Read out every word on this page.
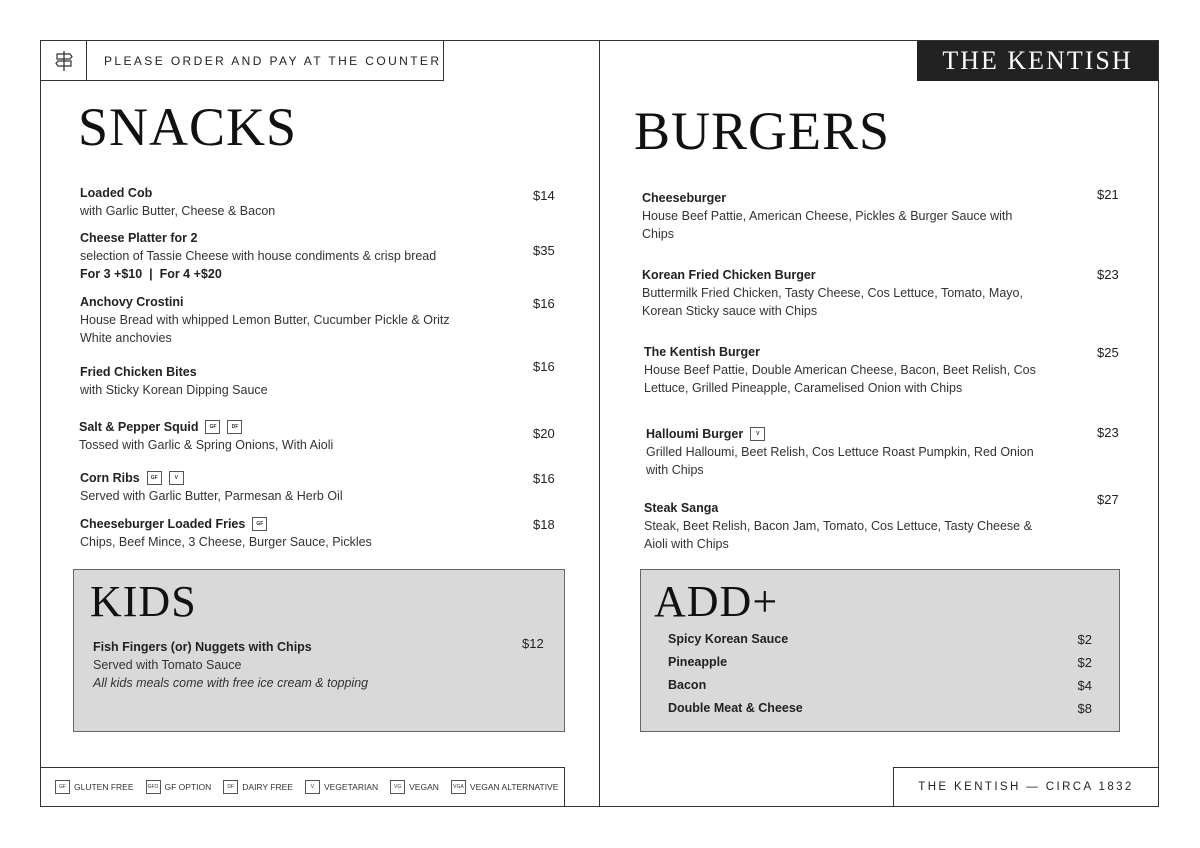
PLEASE ORDER AND PAY AT THE COUNTER	THE KENTISH
SNACKS
Loaded Cob
with Garlic Butter, Cheese & Bacon
$14
Cheese Platter for 2
selection of Tassie Cheese with house condiments & crisp bread
For 3 +$10  |  For 4 +$20
$35
Anchovy Crostini
House Bread with whipped Lemon Butter, Cucumber Pickle & Oritz
White anchovies
$16
Fried Chicken Bites
with Sticky Korean Dipping Sauce
$16
Salt & Pepper Squid	GF	DF
Tossed with Garlic & Spring Onions, With Aioli
$20
Corn Ribs	GF	V
Served with Garlic Butter, Parmesan & Herb Oil
$16
Cheeseburger Loaded Fries	GF
Chips, Beef Mince, 3 Cheese, Burger Sauce, Pickles
$18
KIDS
Fish Fingers (or) Nuggets with Chips
Served with Tomato Sauce
All kids meals come with free ice cream & topping
$12
BURGERS
Cheeseburger
House Beef Pattie, American Cheese, Pickles & Burger Sauce with
Chips
$21
Korean Fried Chicken Burger
Buttermilk Fried Chicken, Tasty Cheese, Cos Lettuce, Tomato, Mayo,
Korean Sticky sauce with Chips
$23
The Kentish Burger
House Beef Pattie, Double American Cheese, Bacon, Beet Relish, Cos
Lettuce, Grilled Pineapple, Caramelised Onion with Chips
$25
Halloumi Burger	V
Grilled Halloumi, Beet Relish, Cos Lettuce Roast Pumpkin, Red Onion
with Chips
$23
Steak Sanga
Steak, Beet Relish, Bacon Jam, Tomato, Cos Lettuce, Tasty Cheese &
Aioli with Chips
$27
ADD+
Spicy Korean Sauce	$2
Pineapple	$2
Bacon	$4
Double Meat & Cheese	$8
GF GLUTEN FREE	GFO GF OPTION	DF DAIRY FREE	V	VEGETARIAN	VG VEGAN	VGA VEGAN ALTERNATIVE	THE KENTISH — CIRCA 1832
